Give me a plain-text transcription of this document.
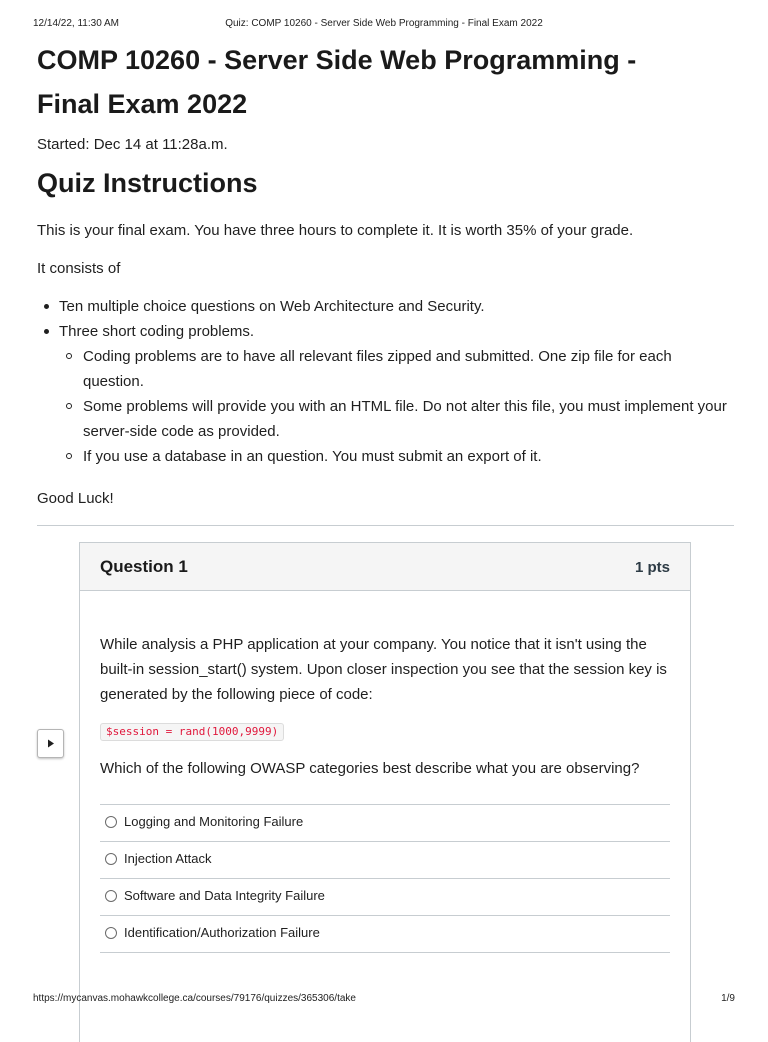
12/14/22, 11:30 AM	Quiz: COMP 10260 - Server Side Web Programming - Final Exam 2022
COMP 10260 - Server Side Web Programming -
Final Exam 2022
Started: Dec 14 at 11:28a.m.
Quiz Instructions

This is your final exam. You have three hours to complete it. It is worth 35% of your grade.

It consists of

Ten multiple choice questions on Web Architecture and Security.
Three short coding problems.
Coding problems are to have all relevant files zipped and submitted. One zip file for each question.
Some problems will provide you with an HTML file. Do not alter this file, you must implement your server-side code as provided.
If you use a database in an question. You must submit an export of it.
Good Luck!
Question 1	1 pts

While analysis a PHP application at your company. You notice that it isn't using the built-in session_start() system. Upon closer inspection you see that the session key is generated by the following piece of code:

$session = rand(1000,9999)

Which of the following OWASP categories best describe what you are observing?

Logging and Monitoring Failure
Injection Attack
Software and Data Integrity Failure
Identification/Authorization Failure
https://mycanvas.mohawkcollege.ca/courses/79176/quizzes/365306/take	1/9
